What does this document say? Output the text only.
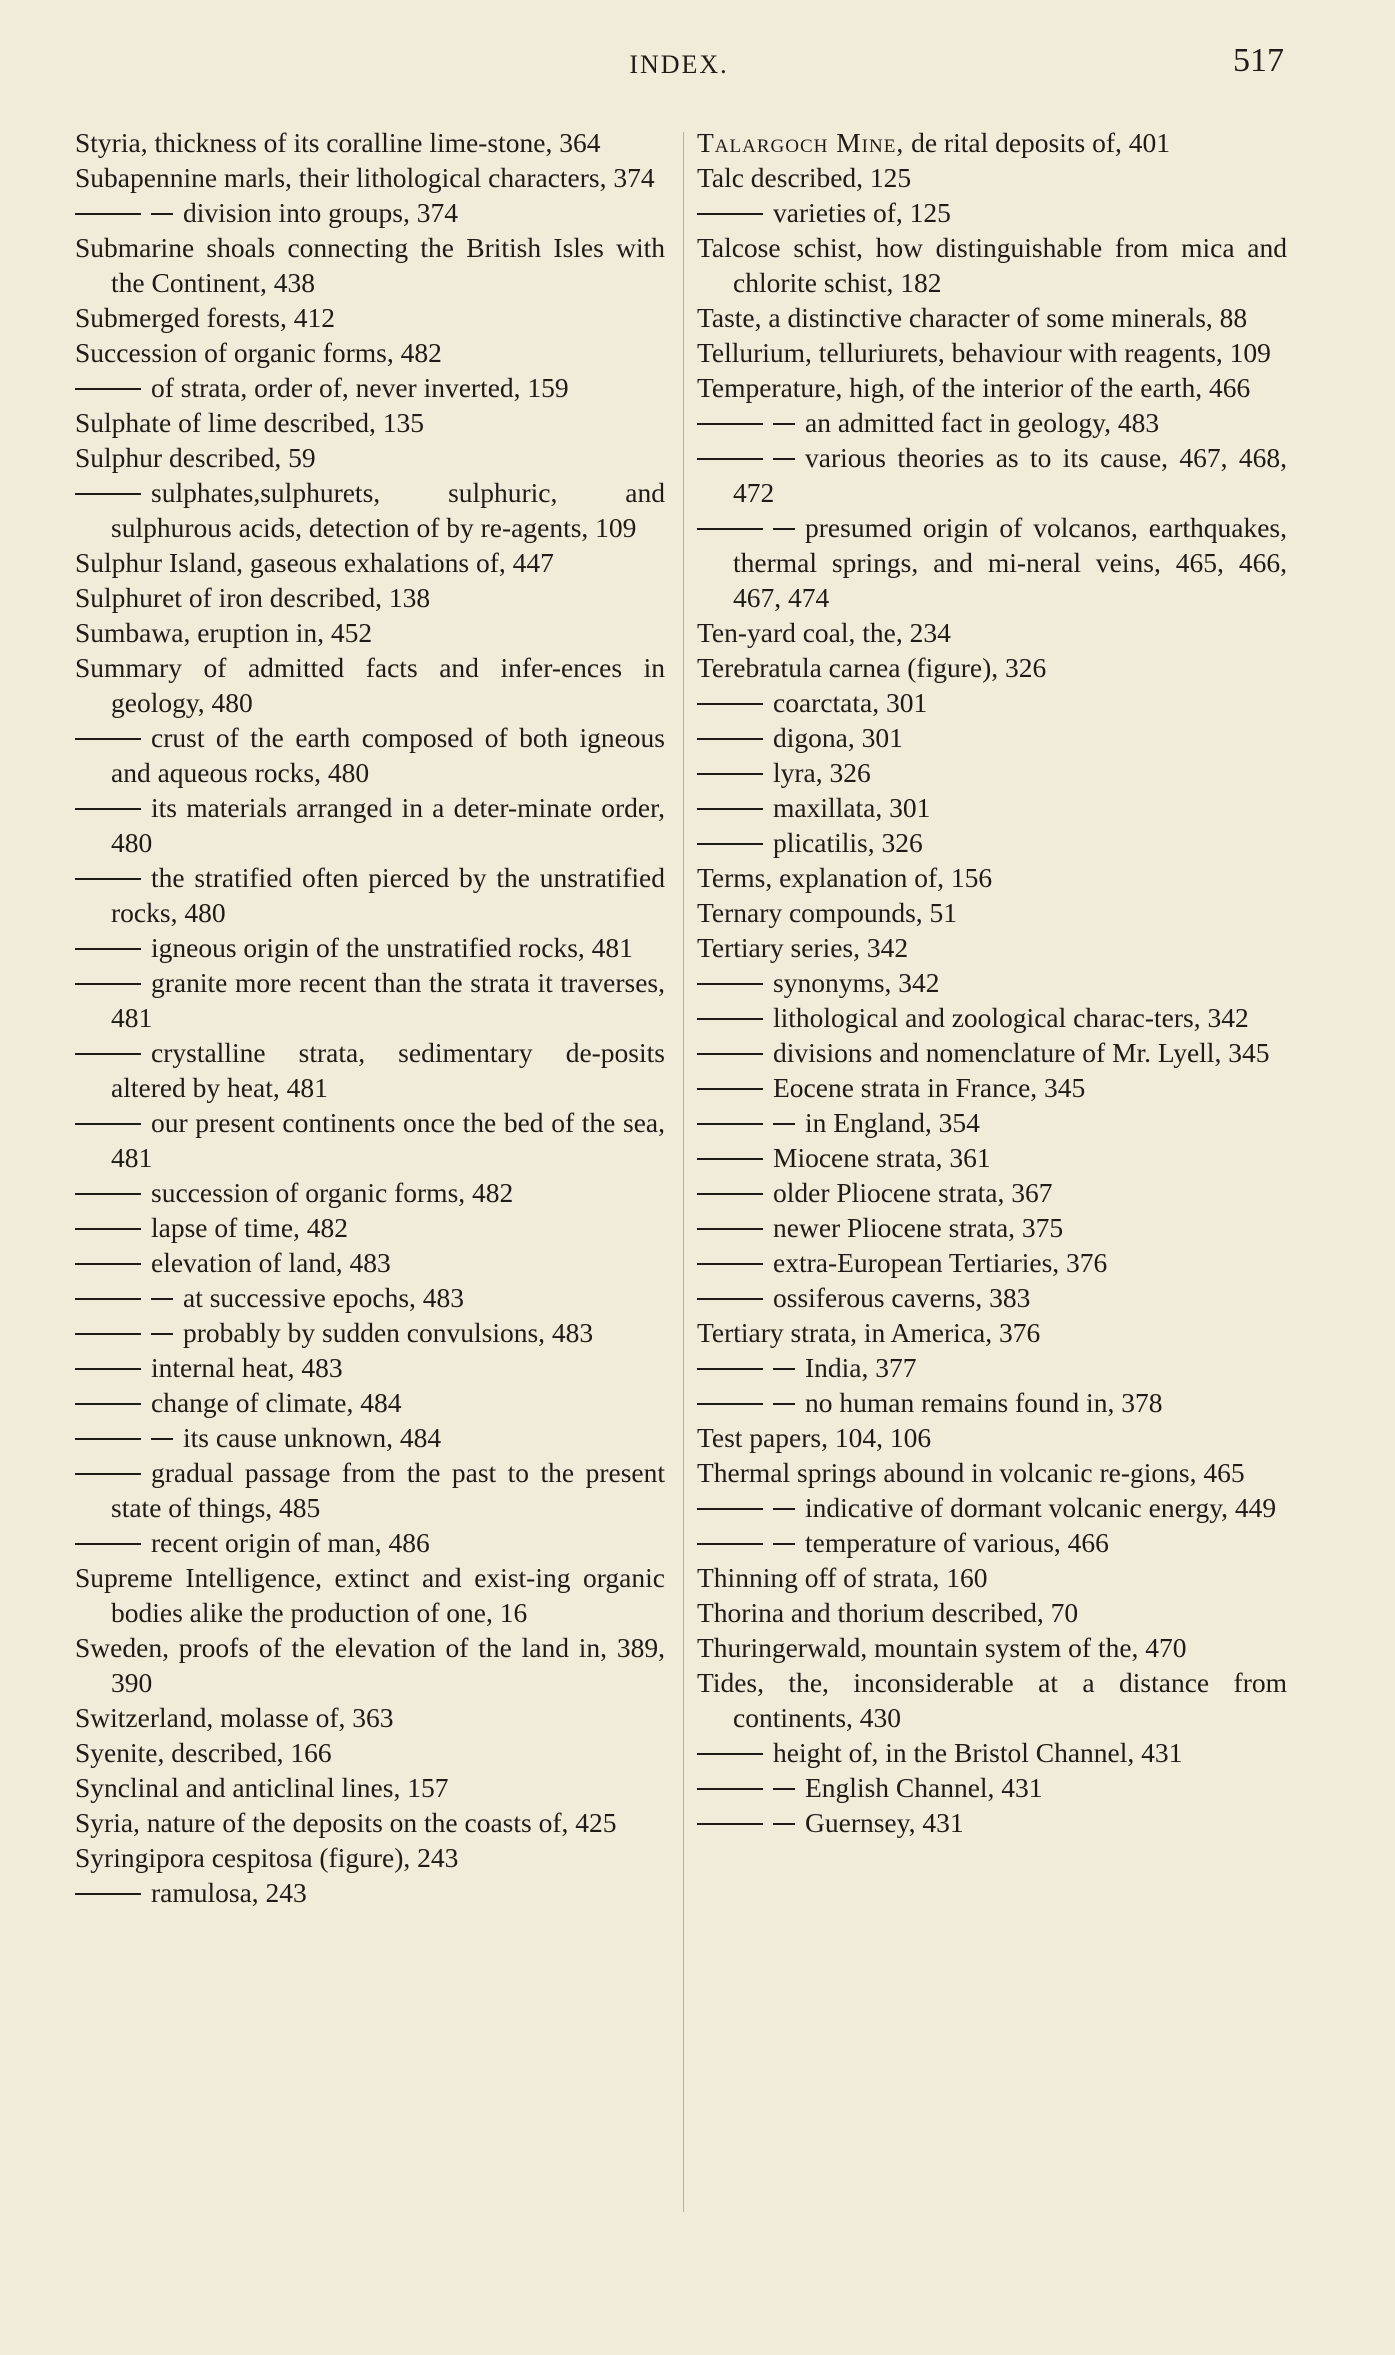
INDEX.	517

Styria, thickness of its coralline lime-stone, 364

Subapennine marls, their lithological characters, 374

division into groups, 374

Submarine shoals connecting the British Isles with the Continent, 438

Submerged forests, 412

Succession of organic forms, 482

of strata, order of, never inverted, 159

Sulphate of lime described, 135

Sulphur described, 59

sulphates,sulphurets, sulphuric, and sulphurous acids, detection of by re-agents, 109

Sulphur Island, gaseous exhalations of, 447

Sulphuret of iron described, 138

Sumbawa, eruption in, 452

Summary of admitted facts and infer-ences in geology, 480

crust of the earth composed of both igneous and aqueous rocks, 480

its materials arranged in a deter-minate order, 480

the stratified often pierced by the unstratified rocks, 480

igneous origin of the unstratified rocks, 481

granite more recent than the strata it traverses, 481

crystalline strata, sedimentary de-posits altered by heat, 481

our present continents once the bed of the sea, 481

succession of organic forms, 482

lapse of time, 482

elevation of land, 483

at successive epochs, 483

probably by sudden convulsions, 483

internal heat, 483

change of climate, 484

its cause unknown, 484

gradual passage from the past to the present state of things, 485

recent origin of man, 486

Supreme Intelligence, extinct and exist-ing organic bodies alike the production of one, 16

Sweden, proofs of the elevation of the land in, 389, 390

Switzerland, molasse of, 363

Syenite, described, 166

Synclinal and anticlinal lines, 157

Syria, nature of the deposits on the coasts of, 425

Syringipora cespitosa (figure), 243

ramulosa, 243

Talargoch Mine, de rital deposits of, 401

Talc described, 125

varieties of, 125

Talcose schist, how distinguishable from mica and chlorite schist, 182

Taste, a distinctive character of some minerals, 88

Tellurium, telluriurets, behaviour with reagents, 109

Temperature, high, of the interior of the earth, 466

an admitted fact in geology, 483

various theories as to its cause, 467, 468, 472

presumed origin of volcanos, earthquakes, thermal springs, and mi-neral veins, 465, 466, 467, 474

Ten-yard coal, the, 234

Terebratula carnea (figure), 326

coarctata, 301

digona, 301

lyra, 326

maxillata, 301

plicatilis, 326

Terms, explanation of, 156

Ternary compounds, 51

Tertiary series, 342

synonyms, 342

lithological and zoological charac-ters, 342

divisions and nomenclature of Mr. Lyell, 345

Eocene strata in France, 345

in England, 354

Miocene strata, 361

older Pliocene strata, 367

newer Pliocene strata, 375

extra-European Tertiaries, 376

ossiferous caverns, 383

Tertiary strata, in America, 376

India, 377

no human remains found in, 378

Test papers, 104, 106

Thermal springs abound in volcanic re-gions, 465

indicative of dormant volcanic energy, 449

temperature of various, 466

Thinning off of strata, 160

Thorina and thorium described, 70

Thuringerwald, mountain system of the, 470

Tides, the, inconsiderable at a distance from continents, 430

height of, in the Bristol Channel, 431

English Channel, 431

Guernsey, 431
